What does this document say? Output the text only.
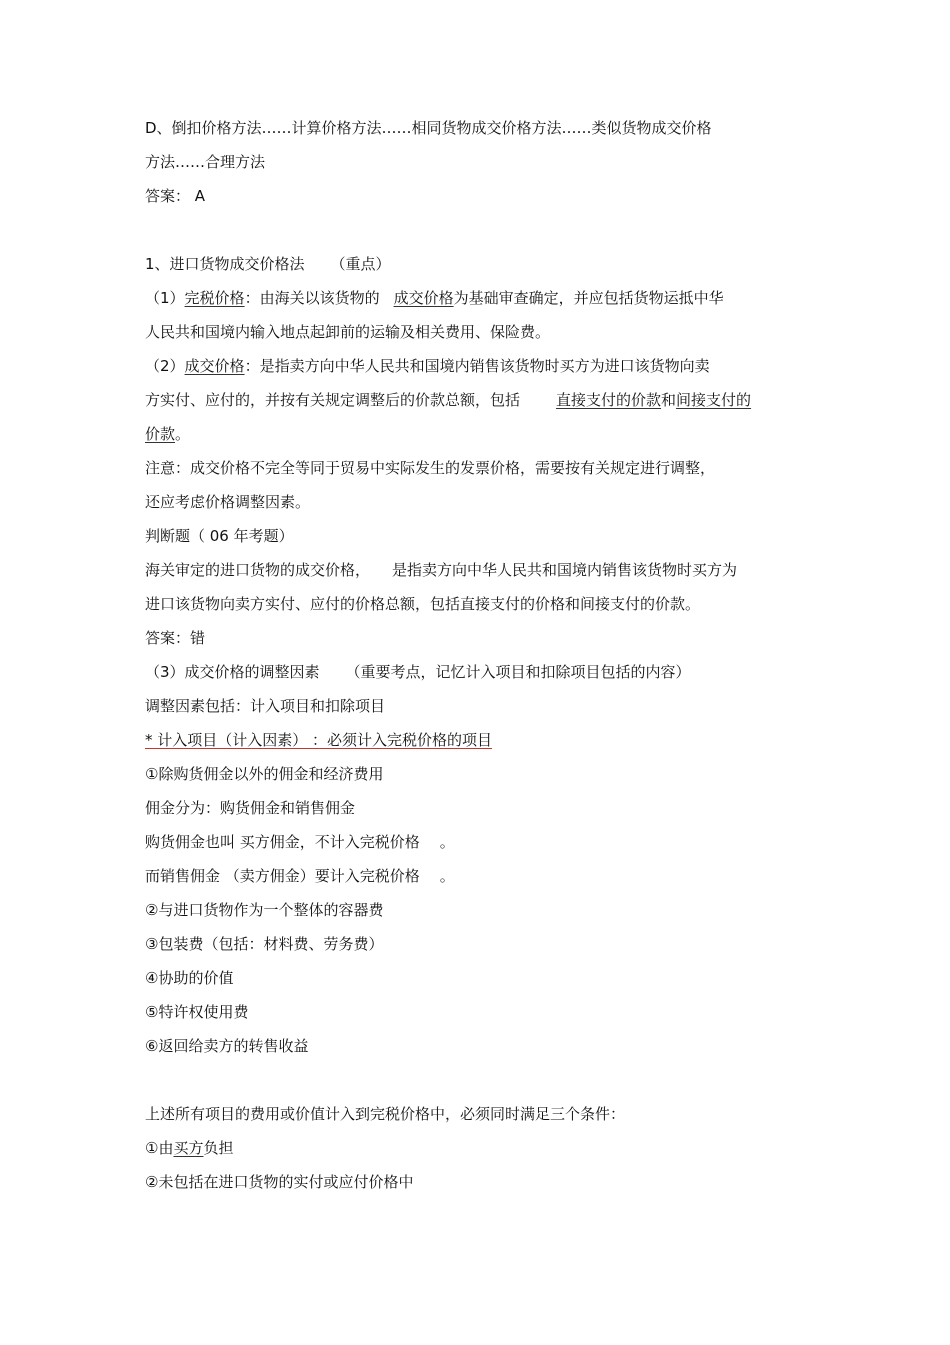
D、倒扣价格方法……计算价格方法……相同货物成交价格方法……类似货物成交价格
方法……合理方法
答案： A
1、进口货物成交价格法 （重点）
（1）完税价格：由海关以该货物的 成交价格为基础审查确定，并应包括货物运抵中华
人民共和国境内输入地点起卸前的运输及相关费用、保险费。
（2）成交价格：是指卖方向中华人民共和国境内销售该货物时买方为进口该货物向卖
方实付、应付的，并按有关规定调整后的价款总额，包括 直接支付的价款和间接支付的
价款。
注意：成交价格不完全等同于贸易中实际发生的发票价格，需要按有关规定进行调整，
还应考虑价格调整因素。
判断题（ 06 年考题）
海关审定的进口货物的成交价格， 是指卖方向中华人民共和国境内销售该货物时买方为
进口该货物向卖方实付、应付的价格总额，包括直接支付的价格和间接支付的价款。
答案：错
（3）成交价格的调整因素 （重要考点，记忆计入项目和扣除项目包括的内容）
调整因素包括：计入项目和扣除项目
* 计入项目（计入因素） ：必须计入完税价格的项目
①除购货佣金以外的佣金和经济费用
佣金分为：购货佣金和销售佣金
购货佣金也叫 买方佣金，不计入完税价格 。
而销售佣金 （卖方佣金）要计入完税价格 。
②与进口货物作为一个整体的容器费
③包装费（包括：材料费、劳务费）
④协助的价值
⑤特许权使用费
⑥返回给卖方的转售收益
上述所有项目的费用或价值计入到完税价格中，必须同时满足三个条件：
①由买方负担
②未包括在进口货物的实付或应付价格中
